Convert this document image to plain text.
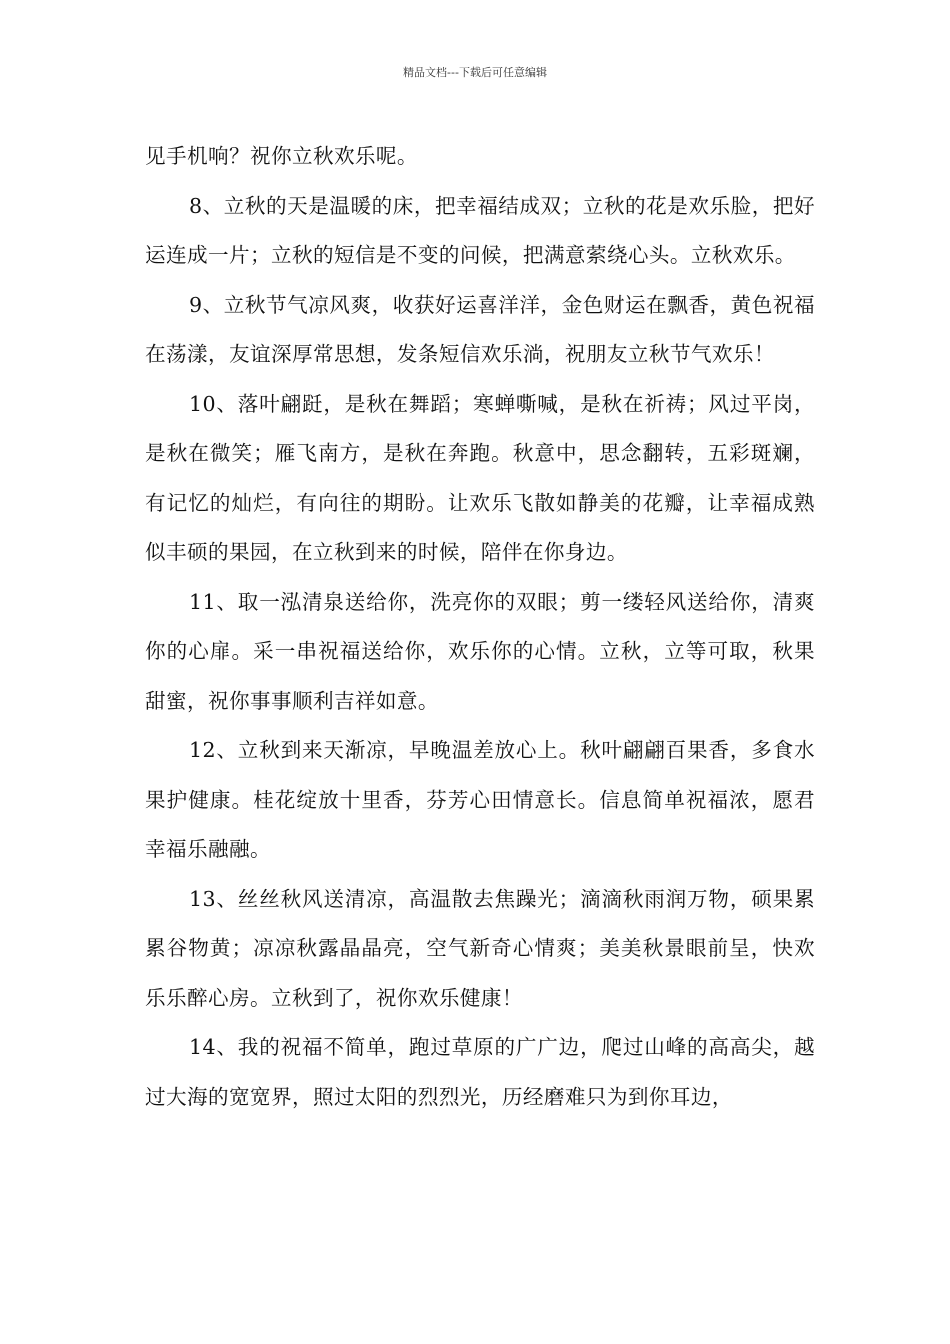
精品文档---下载后可任意编辑

见手机响？祝你立秋欢乐呢。

8、立秋的天是温暖的床，把幸福结成双；立秋的花是欢乐脸，把好运连成一片；立秋的短信是不变的问候，把满意萦绕心头。立秋欢乐。

9、立秋节气凉风爽，收获好运喜洋洋，金色财运在飘香，黄色祝福在荡漾，友谊深厚常思想，发条短信欢乐淌，祝朋友立秋节气欢乐！

10、落叶翩跹，是秋在舞蹈；寒蝉嘶喊，是秋在祈祷；风过平岗，是秋在微笑；雁飞南方，是秋在奔跑。秋意中，思念翻转，五彩斑斓，有记忆的灿烂，有向往的期盼。让欢乐飞散如静美的花瓣，让幸福成熟似丰硕的果园，在立秋到来的时候，陪伴在你身边。

11、取一泓清泉送给你，洗亮你的双眼；剪一缕轻风送给你，清爽你的心扉。采一串祝福送给你，欢乐你的心情。立秋，立等可取，秋果甜蜜，祝你事事顺利吉祥如意。

12、立秋到来天渐凉，早晚温差放心上。秋叶翩翩百果香，多食水果护健康。桂花绽放十里香，芬芳心田情意长。信息简单祝福浓，愿君幸福乐融融。

13、丝丝秋风送清凉，高温散去焦躁光；滴滴秋雨润万物，硕果累累谷物黄；凉凉秋露晶晶亮，空气新奇心情爽；美美秋景眼前呈，快欢乐乐醉心房。立秋到了，祝你欢乐健康！

14、我的祝福不简单，跑过草原的广广边，爬过山峰的高高尖，越过大海的宽宽界，照过太阳的烈烈光，历经磨难只为到你耳边，
